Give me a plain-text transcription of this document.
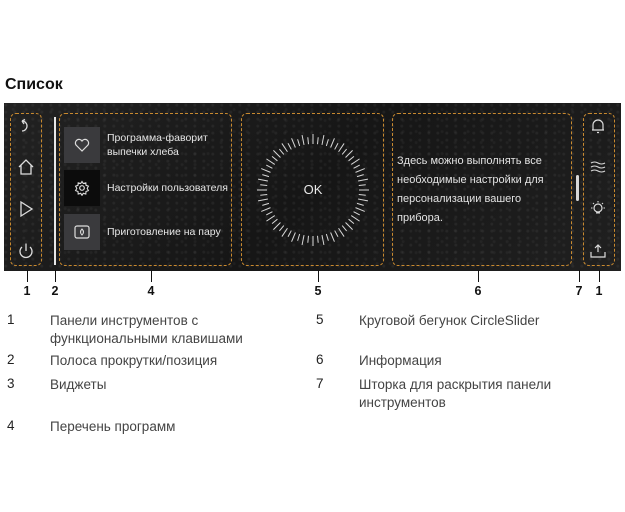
Список
Программа-фаворит выпечки хлеба
Настройки пользователя
Приготовление на пару
OK
Здесь можно выполнять все необходимые настройки для персонализации вашего прибора.
1 2	4	5	6	7 1
1	Панели инструментов с функциональными клавишами
2	Полоса прокрутки/позиция
3	Виджеты
4	Перечень программ
5	Круговой бегунок CircleSlider
6	Информация
7	Шторка для раскрытия панели инструментов
